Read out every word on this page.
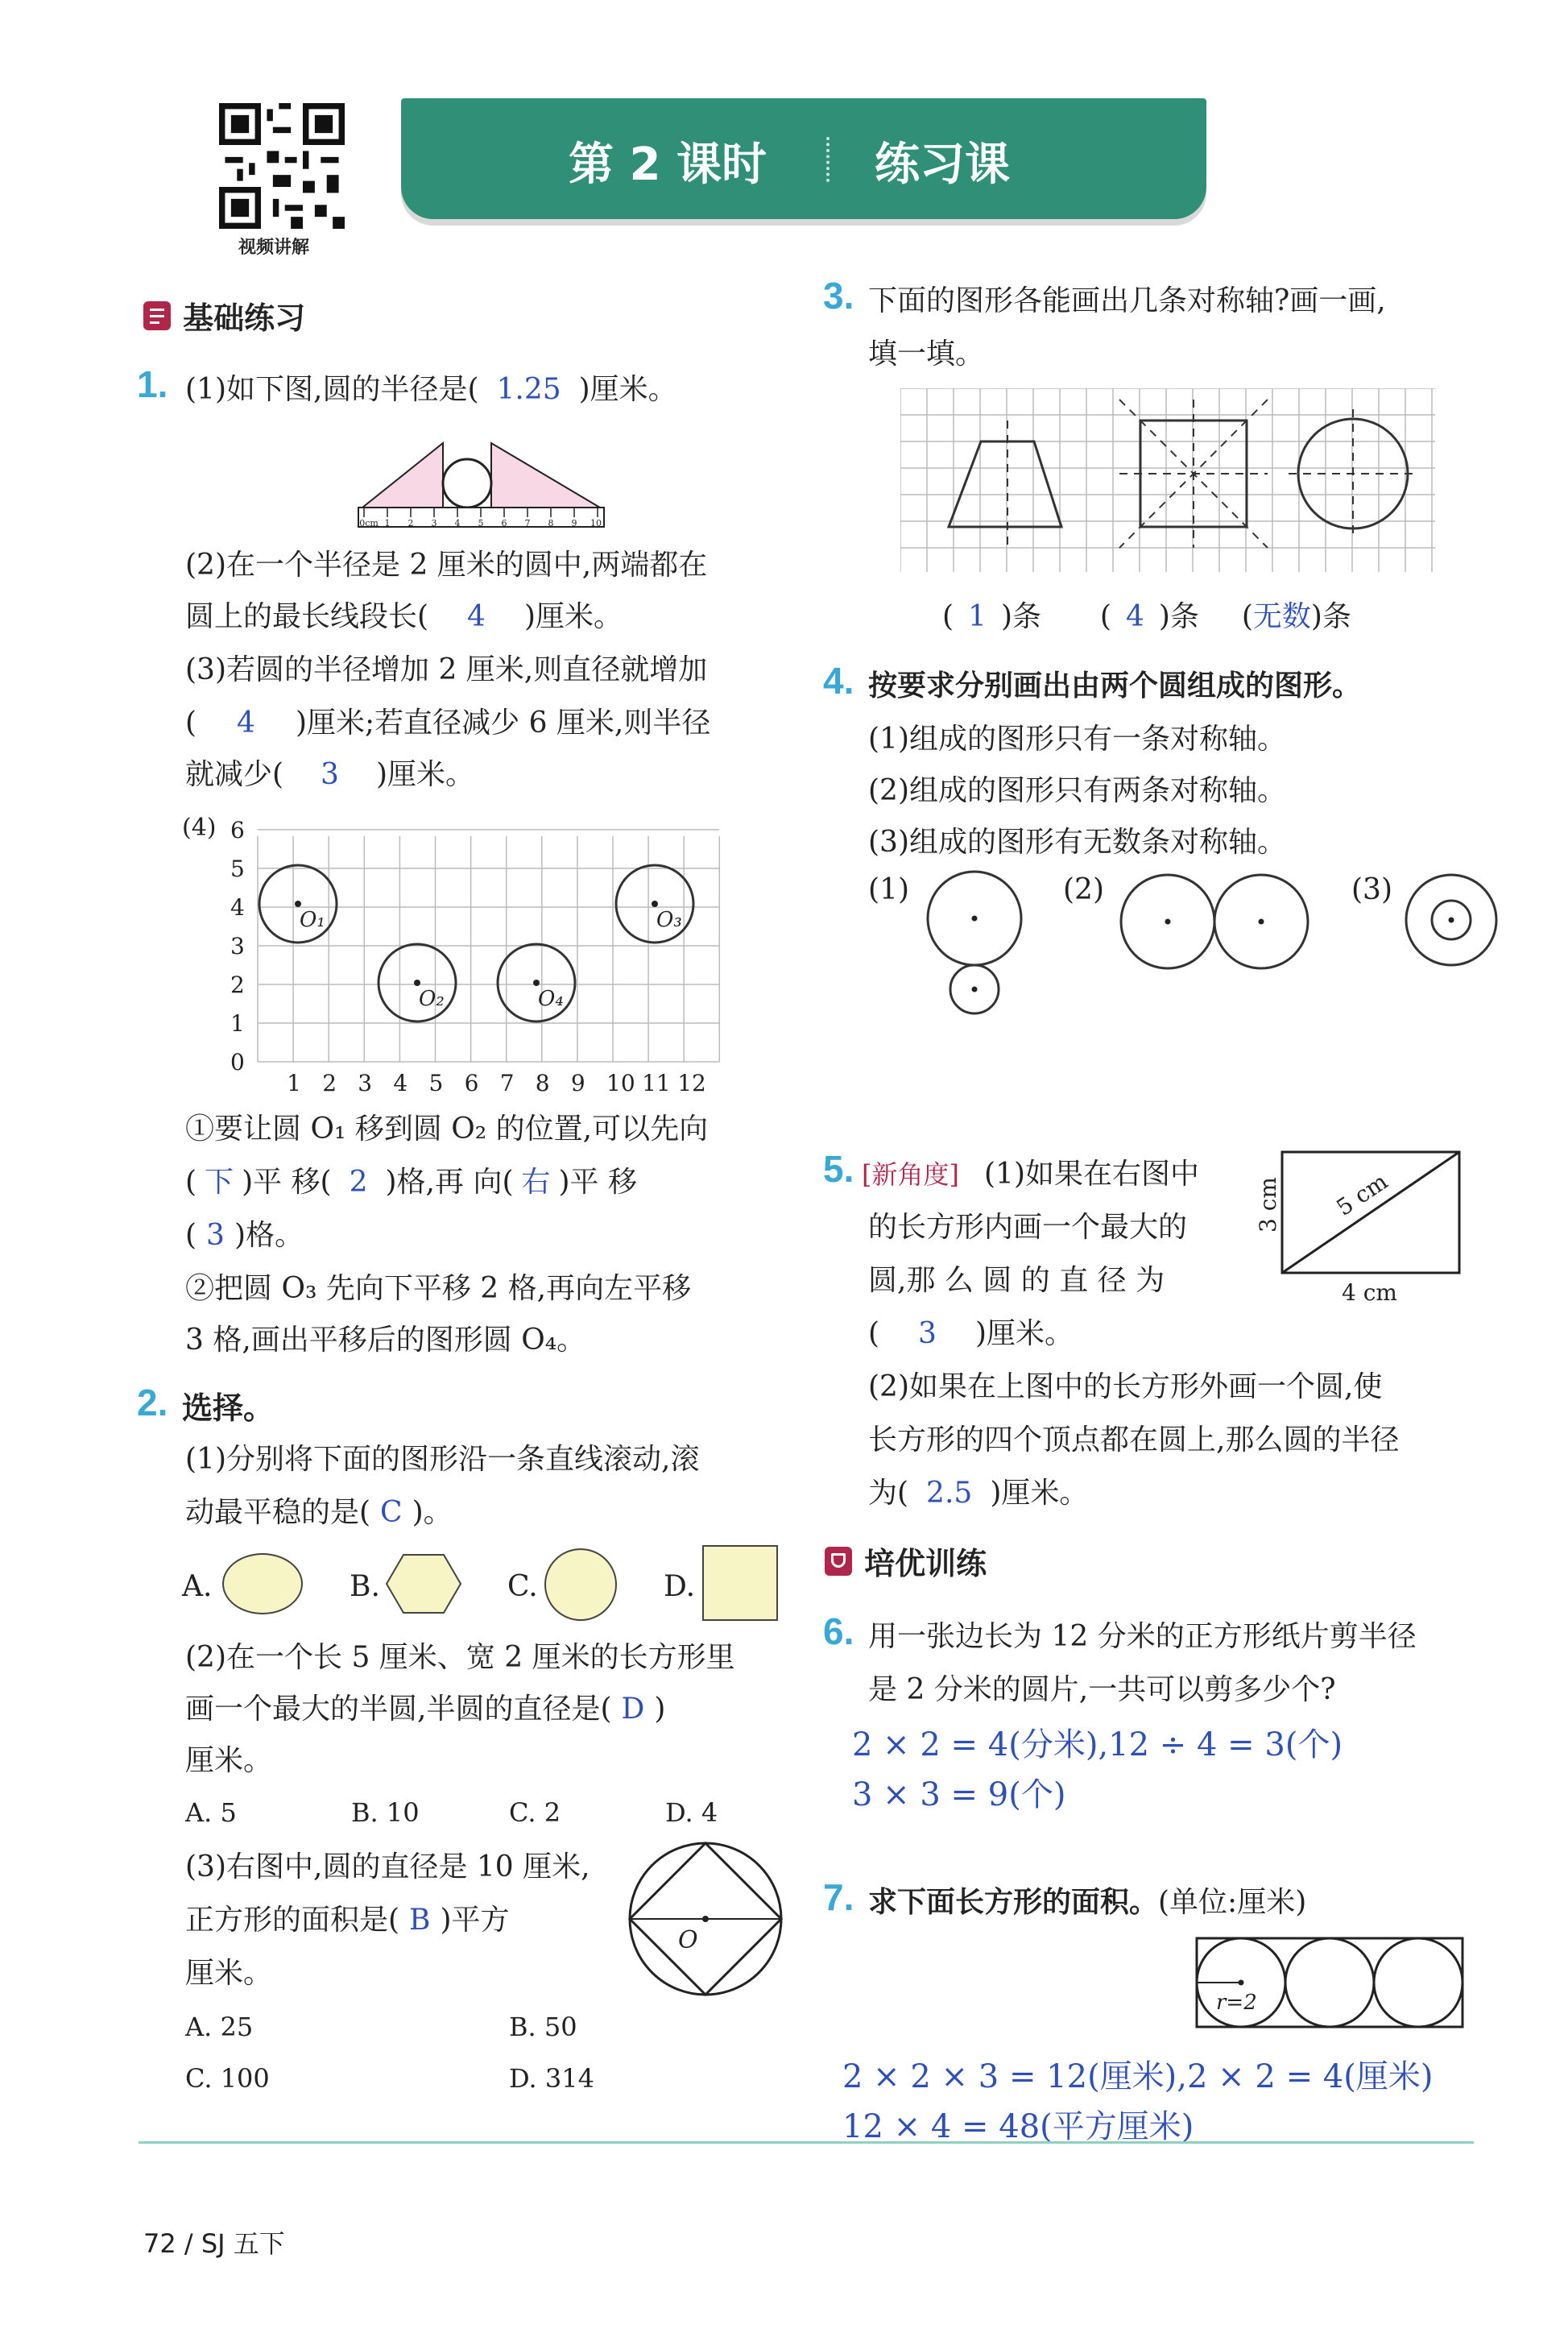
视频讲解
第 2 课时 练习课
基础练习
1. (1)如下图,圆的半径是( 1.25 )厘米。
0cm 1 2 3 4 5 6 7 8 9 10
(2)在一个半径是 2 厘米的圆中,两端都在
圆上的最长线段长( 4 )厘米。
(3)若圆的半径增加 2 厘米,则直径就增加
( 4 )厘米;若直径减少 6 厘米,则半径
就减少( 3 )厘米。
(4)
1 2 3 4 5 6 7 8 9 10 11 12
1
2
3
4
5
6
0
O₁
O₂	O₄
O₃
①要让圆 O₁ 移到圆 O₂ 的位置,可以先向
( 下 )平 移( 2 )格,再 向( 右 )平 移
( 3 )格。
②把圆 O₃ 先向下平移 2 格,再向左平移
3 格,画出平移后的图形圆 O₄。
2. 选择。
(1)分别将下面的图形沿一条直线滚动,滚
动最平稳的是( C )。
A.	B.	C.	D.
(2)在一个长 5 厘米、宽 2 厘米的长方形里
画一个最大的半圆,半圆的直径是( D )
厘米。
A. 5	B. 10	C. 2	D. 4
(3)右图中,圆的直径是 10 厘米,
正方形的面积是( B )平方
厘米。
O
A. 25	B. 50
C. 100	D. 314
3. 下面的图形各能画出几条对称轴?画一画,
填一填。
( 1 )条 ( 4 )条 (无数)条
4. 按要求分别画出由两个圆组成的图形。
(1)组成的图形只有一条对称轴。
(2)组成的图形只有两条对称轴。
(3)组成的图形有无数条对称轴。
(1)	(2)	(3)
5. [新角度] (1)如果在右图中
的长方形内画一个最大的
圆,那 么 圆 的 直 径 为
( 3 )厘米。
3 cm 5 cm
4 cm
(2)如果在上图中的长方形外画一个圆,使
长方形的四个顶点都在圆上,那么圆的半径
为( 2.5 )厘米。
培优训练
6. 用一张边长为 12 分米的正方形纸片剪半径
是 2 分米的圆片,一共可以剪多少个?
2 × 2 = 4(分米),12 ÷ 4 = 3(个)
3 × 3 = 9(个)
7. 求下面长方形的面积。(单位:厘米)
r=2
2 × 2 × 3 = 12(厘米),2 × 2 = 4(厘米)
12 × 4 = 48(平方厘米)
72 / SJ 五下
